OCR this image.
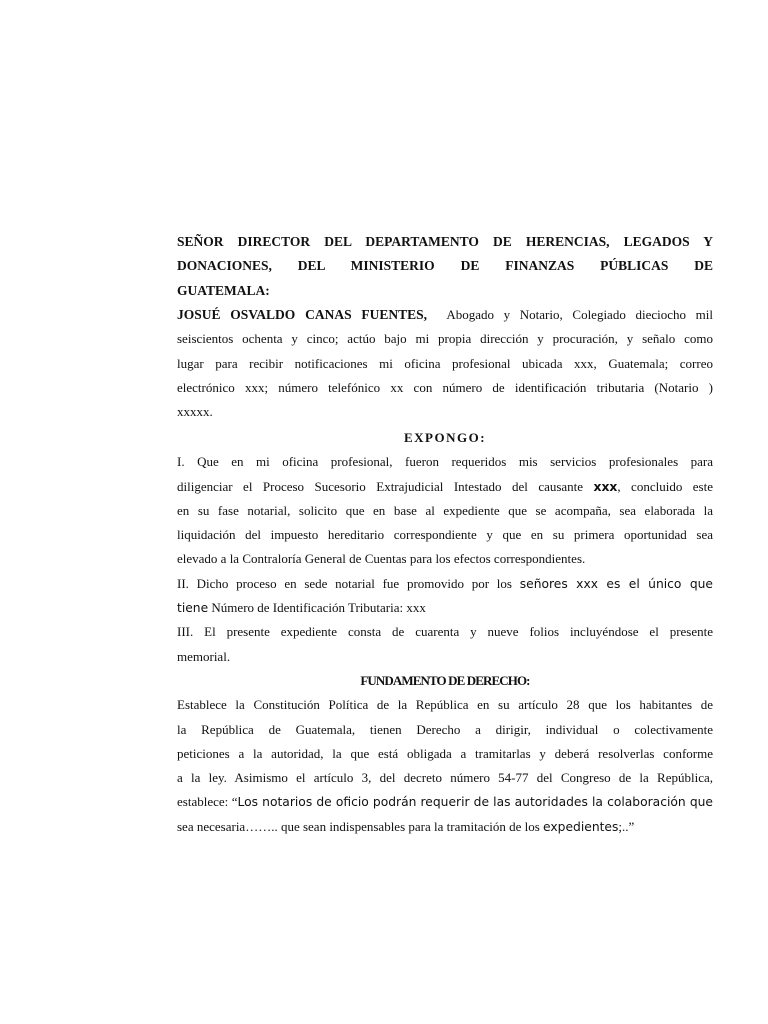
SEÑOR DIRECTOR DEL DEPARTAMENTO DE HERENCIAS, LEGADOS Y
DONACIONES, DEL MINISTERIO DE FINANZAS PÚBLICAS DE
GUATEMALA:
JOSUÉ OSVALDO CANAS FUENTES, Abogado y Notario, Colegiado dieciocho mil
seiscientos ochenta y cinco; actúo bajo mi propia dirección y procuración, y señalo como
lugar para recibir notificaciones mi oficina profesional ubicada xxx, Guatemala; correo
electrónico xxx; número telefónico xx con número de identificación tributaria (Notario )
xxxxx.
EXPONGO:
I. Que en mi oficina profesional, fueron requeridos mis servicios profesionales para
diligenciar el Proceso Sucesorio Extrajudicial Intestado del causante xxx, concluido este
en su fase notarial, solicito que en base al expediente que se acompaña, sea elaborada la
liquidación del impuesto hereditario correspondiente y que en su primera oportunidad sea
elevado a la Contraloría General de Cuentas para los efectos correspondientes.
II. Dicho proceso en sede notarial fue promovido por los señores xxx es el único que
tiene Número de Identificación Tributaria: xxx
III. El presente expediente consta de cuarenta y nueve folios incluyéndose el presente
memorial.
FUNDAMENTO DE DERECHO:
Establece la Constitución Política de la República en su artículo 28 que los habitantes de
la República de Guatemala, tienen Derecho a dirigir, individual o colectivamente
peticiones a la autoridad, la que está obligada a tramitarlas y deberá resolverlas conforme
a la ley. Asimismo el artículo 3, del decreto número 54-77 del Congreso de la República,
establece: “Los notarios de oficio podrán requerir de las autoridades la colaboración que
sea necesaria…….. que sean indispensables para la tramitación de los expedientes;..”
